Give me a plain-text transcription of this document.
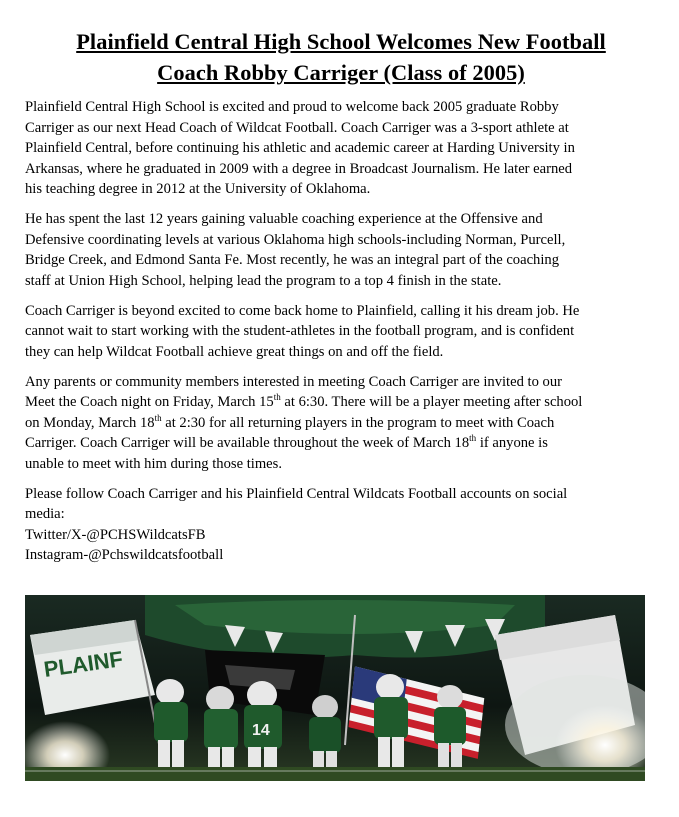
Plainfield Central High School Welcomes New Football
Coach Robby Carriger (Class of 2005)

Plainfield Central High School is excited and proud to welcome back 2005 graduate Robby
Carriger as our next Head Coach of Wildcat Football. Coach Carriger was a 3-sport athlete at
Plainfield Central, before continuing his athletic and academic career at Harding University in
Arkansas, where he graduated in 2009 with a degree in Broadcast Journalism. He later earned
his teaching degree in 2012 at the University of Oklahoma.

He has spent the last 12 years gaining valuable coaching experience at the Offensive and
Defensive coordinating levels at various Oklahoma high schools-including Norman, Purcell,
Bridge Creek, and Edmond Santa Fe. Most recently, he was an integral part of the coaching
staff at Union High School, helping lead the program to a top 4 finish in the state.

Coach Carriger is beyond excited to come back home to Plainfield, calling it his dream job. He
cannot wait to start working with the student-athletes in the football program, and is confident
they can help Wildcat Football achieve great things on and off the field.

Any parents or community members interested in meeting Coach Carriger are invited to our
Meet the Coach night on Friday, March 15th at 6:30. There will be a player meeting after school
on Monday, March 18th at 2:30 for all returning players in the program to meet with Coach
Carriger. Coach Carriger will be available throughout the week of March 18th if anyone is
unable to meet with him during those times.

Please follow Coach Carriger and his Plainfield Central Wildcats Football accounts on social
media:

Twitter/X-@PCHSWildcatsFB

Instagram-@Pchswildcatsfootball

PLAINF
14
